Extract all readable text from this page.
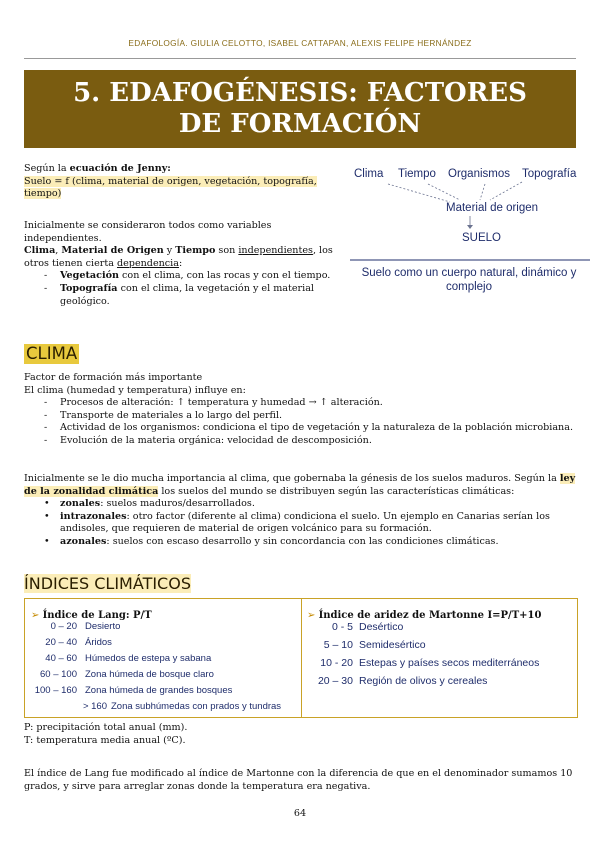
EDAFOLOGÍA. GIULIA CELOTTO, ISABEL CATTAPAN, ALEXIS FELIPE HERNÁNDEZ
5. EDAFOGÉNESIS: FACTORES DE FORMACIÓN
Según la ecuación de Jenny:
Suelo = f (clima, material de origen, vegetación, topografía,
tiempo)
Inicialmente se consideraron todos como variables
independientes.
Clima, Material de Origen y Tiempo son independientes, los
otros tienen cierta dependencia:
- Vegetación con el clima, con las rocas y con el tiempo.
- Topografía con el clima, la vegetación y el material
geológico.
Clima Tiempo Organismos Topografía
Material de origen
SUELO
Suelo como un cuerpo natural, dinámico y complejo
CLIMA
Factor de formación más importante
El clima (humedad y temperatura) influye en:
- Procesos de alteración: ↑ temperatura y humedad → ↑ alteración.
- Transporte de materiales a lo largo del perfil.
- Actividad de los organismos: condiciona el tipo de vegetación y la naturaleza de la población microbiana.
- Evolución de la materia orgánica: velocidad de descomposición.
Inicialmente se le dio mucha importancia al clima, que gobernaba la génesis de los suelos maduros. Según la ley de la zonalidad climática los suelos del mundo se distribuyen según las características climáticas:
• zonales: suelos maduros/desarrollados.
• intrazonales: otro factor (diferente al clima) condiciona el suelo. Un ejemplo en Canarias serían los andisoles, que requieren de material de origen volcánico para su formación.
• azonales: suelos con escaso desarrollo y sin concordancia con las condiciones climáticas.
ÍNDICES CLIMÁTICOS
➢ Índice de Lang: P/T	➢ Índice de aridez de Martonne I=P/T+10
0 – 20 Desierto
20 – 40 Áridos
40 – 60 Húmedos de estepa y sabana
60 – 100 Zona húmeda de bosque claro
100 – 160 Zona húmeda de grandes bosques
> 160 Zona subhúmedas con prados y tundras
0 - 5 Desértico
5 – 10 Semidesértico
10 - 20 Estepas y países secos mediterráneos
20 – 30 Región de olivos y cereales
P: precipitación total anual (mm).
T: temperatura media anual (ºC).
El índice de Lang fue modificado al índice de Martonne con la diferencia de que en el denominador sumamos 10 grados, y sirve para arreglar zonas donde la temperatura era negativa.
64
